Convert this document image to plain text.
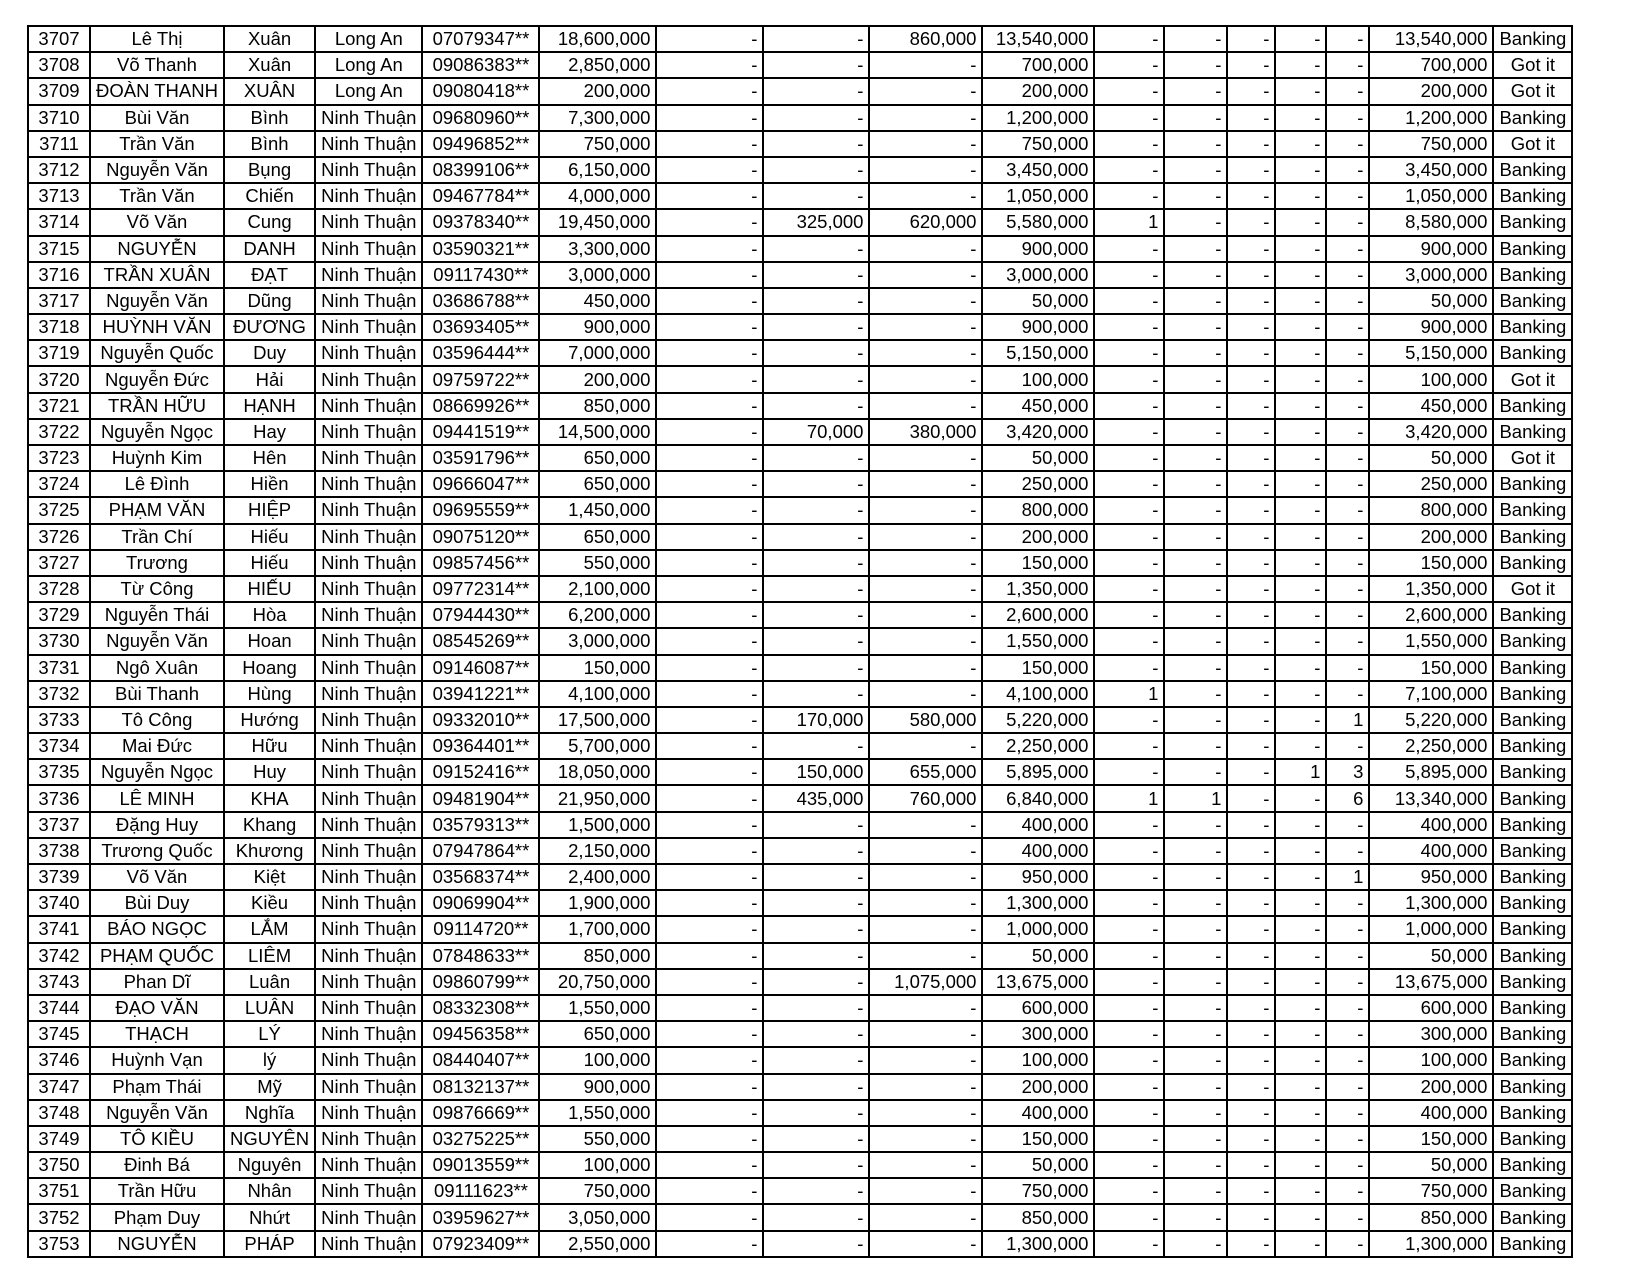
3707	Lê Thị	Xuân	Long An	07079347**	18,600,000	-	-	860,000	13,540,000	-	-	-	-	-	13,540,000	Banking
3708	Võ Thanh	Xuân	Long An	09086383**	2,850,000	-	-	-	700,000	-	-	-	-	-	700,000	Got it
3709	ĐOÀN THANH	XUÂN	Long An	09080418**	200,000	-	-	-	200,000	-	-	-	-	-	200,000	Got it
3710	Bùi Văn	Bình	Ninh Thuận	09680960**	7,300,000	-	-	-	1,200,000	-	-	-	-	-	1,200,000	Banking
3711	Trần Văn	Bình	Ninh Thuận	09496852**	750,000	-	-	-	750,000	-	-	-	-	-	750,000	Got it
3712	Nguyễn Văn	Bụng	Ninh Thuận	08399106**	6,150,000	-	-	-	3,450,000	-	-	-	-	-	3,450,000	Banking
3713	Trần Văn	Chiến	Ninh Thuận	09467784**	4,000,000	-	-	-	1,050,000	-	-	-	-	-	1,050,000	Banking
3714	Võ Văn	Cung	Ninh Thuận	09378340**	19,450,000	-	325,000	620,000	5,580,000	1	-	-	-	-	8,580,000	Banking
3715	NGUYỄN	DANH	Ninh Thuận	03590321**	3,300,000	-	-	-	900,000	-	-	-	-	-	900,000	Banking
3716	TRẦN XUÂN	ĐẠT	Ninh Thuận	09117430**	3,000,000	-	-	-	3,000,000	-	-	-	-	-	3,000,000	Banking
3717	Nguyễn Văn	Dũng	Ninh Thuận	03686788**	450,000	-	-	-	50,000	-	-	-	-	-	50,000	Banking
3718	HUỲNH VĂN	ĐƯƠNG	Ninh Thuận	03693405**	900,000	-	-	-	900,000	-	-	-	-	-	900,000	Banking
3719	Nguyễn Quốc	Duy	Ninh Thuận	03596444**	7,000,000	-	-	-	5,150,000	-	-	-	-	-	5,150,000	Banking
3720	Nguyễn Đức	Hải	Ninh Thuận	09759722**	200,000	-	-	-	100,000	-	-	-	-	-	100,000	Got it
3721	TRẦN HỮU	HẠNH	Ninh Thuận	08669926**	850,000	-	-	-	450,000	-	-	-	-	-	450,000	Banking
3722	Nguyễn Ngọc	Hay	Ninh Thuận	09441519**	14,500,000	-	70,000	380,000	3,420,000	-	-	-	-	-	3,420,000	Banking
3723	Huỳnh Kim	Hên	Ninh Thuận	03591796**	650,000	-	-	-	50,000	-	-	-	-	-	50,000	Got it
3724	Lê Đình	Hiền	Ninh Thuận	09666047**	650,000	-	-	-	250,000	-	-	-	-	-	250,000	Banking
3725	PHẠM VĂN	HIỆP	Ninh Thuận	09695559**	1,450,000	-	-	-	800,000	-	-	-	-	-	800,000	Banking
3726	Trần Chí	Hiếu	Ninh Thuận	09075120**	650,000	-	-	-	200,000	-	-	-	-	-	200,000	Banking
3727	Trương	Hiếu	Ninh Thuận	09857456**	550,000	-	-	-	150,000	-	-	-	-	-	150,000	Banking
3728	Từ Công	HIẾU	Ninh Thuận	09772314**	2,100,000	-	-	-	1,350,000	-	-	-	-	-	1,350,000	Got it
3729	Nguyễn Thái	Hòa	Ninh Thuận	07944430**	6,200,000	-	-	-	2,600,000	-	-	-	-	-	2,600,000	Banking
3730	Nguyễn Văn	Hoan	Ninh Thuận	08545269**	3,000,000	-	-	-	1,550,000	-	-	-	-	-	1,550,000	Banking
3731	Ngô Xuân	Hoang	Ninh Thuận	09146087**	150,000	-	-	-	150,000	-	-	-	-	-	150,000	Banking
3732	Bùi Thanh	Hùng	Ninh Thuận	03941221**	4,100,000	-	-	-	4,100,000	1	-	-	-	-	7,100,000	Banking
3733	Tô Công	Hướng	Ninh Thuận	09332010**	17,500,000	-	170,000	580,000	5,220,000	-	-	-	-	1	5,220,000	Banking
3734	Mai Đức	Hữu	Ninh Thuận	09364401**	5,700,000	-	-	-	2,250,000	-	-	-	-	-	2,250,000	Banking
3735	Nguyễn Ngọc	Huy	Ninh Thuận	09152416**	18,050,000	-	150,000	655,000	5,895,000	-	-	-	1	3	5,895,000	Banking
3736	LÊ MINH	KHA	Ninh Thuận	09481904**	21,950,000	-	435,000	760,000	6,840,000	1	1	-	-	6	13,340,000	Banking
3737	Đặng Huy	Khang	Ninh Thuận	03579313**	1,500,000	-	-	-	400,000	-	-	-	-	-	400,000	Banking
3738	Trương Quốc	Khương	Ninh Thuận	07947864**	2,150,000	-	-	-	400,000	-	-	-	-	-	400,000	Banking
3739	Võ Văn	Kiệt	Ninh Thuận	03568374**	2,400,000	-	-	-	950,000	-	-	-	-	1	950,000	Banking
3740	Bùi Duy	Kiều	Ninh Thuận	09069904**	1,900,000	-	-	-	1,300,000	-	-	-	-	-	1,300,000	Banking
3741	BÁO NGỌC	LẮM	Ninh Thuận	09114720**	1,700,000	-	-	-	1,000,000	-	-	-	-	-	1,000,000	Banking
3742	PHẠM QUỐC	LIÊM	Ninh Thuận	07848633**	850,000	-	-	-	50,000	-	-	-	-	-	50,000	Banking
3743	Phan Dĩ	Luân	Ninh Thuận	09860799**	20,750,000	-	-	1,075,000	13,675,000	-	-	-	-	-	13,675,000	Banking
3744	ĐẠO VĂN	LUÂN	Ninh Thuận	08332308**	1,550,000	-	-	-	600,000	-	-	-	-	-	600,000	Banking
3745	THẠCH	LÝ	Ninh Thuận	09456358**	650,000	-	-	-	300,000	-	-	-	-	-	300,000	Banking
3746	Huỳnh Vạn	lý	Ninh Thuận	08440407**	100,000	-	-	-	100,000	-	-	-	-	-	100,000	Banking
3747	Phạm Thái	Mỹ	Ninh Thuận	08132137**	900,000	-	-	-	200,000	-	-	-	-	-	200,000	Banking
3748	Nguyễn Văn	Nghĩa	Ninh Thuận	09876669**	1,550,000	-	-	-	400,000	-	-	-	-	-	400,000	Banking
3749	TÔ KIỀU	NGUYÊN	Ninh Thuận	03275225**	550,000	-	-	-	150,000	-	-	-	-	-	150,000	Banking
3750	Đinh Bá	Nguyên	Ninh Thuận	09013559**	100,000	-	-	-	50,000	-	-	-	-	-	50,000	Banking
3751	Trần Hữu	Nhân	Ninh Thuận	09111623**	750,000	-	-	-	750,000	-	-	-	-	-	750,000	Banking
3752	Phạm Duy	Nhứt	Ninh Thuận	03959627**	3,050,000	-	-	-	850,000	-	-	-	-	-	850,000	Banking
3753	NGUYỄN	PHÁP	Ninh Thuận	07923409**	2,550,000	-	-	-	1,300,000	-	-	-	-	-	1,300,000	Banking
